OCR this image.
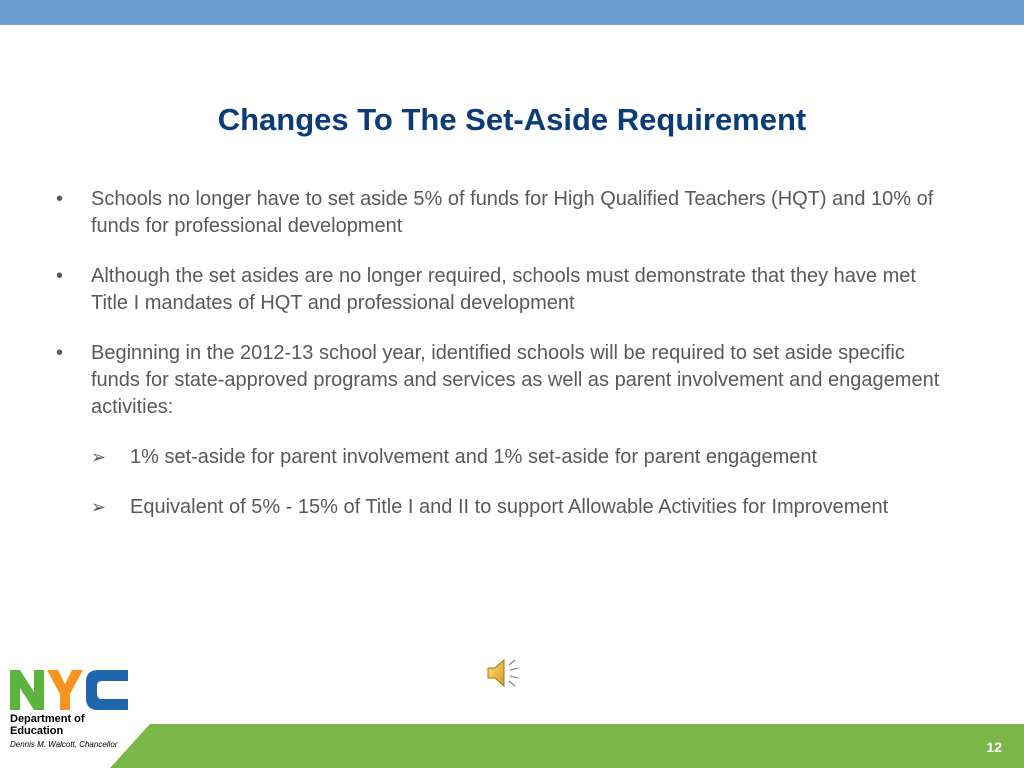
Changes To The Set-Aside Requirement
• Schools no longer have to set aside 5% of funds for High Qualified Teachers (HQT) and 10% of funds for professional development
• Although the set asides are no longer required, schools must demonstrate that they have met Title I mandates of HQT and professional development
• Beginning in the 2012-13 school year, identified schools will be required to set aside specific funds for state-approved programs and services as well as parent involvement and engagement activities:
➢ 1% set-aside for parent involvement and 1% set-aside for parent engagement
➢ Equivalent of 5% - 15% of Title I and II to support Allowable Activities for Improvement
12
Department of
Education
Dennis M. Walcott, Chancellor
